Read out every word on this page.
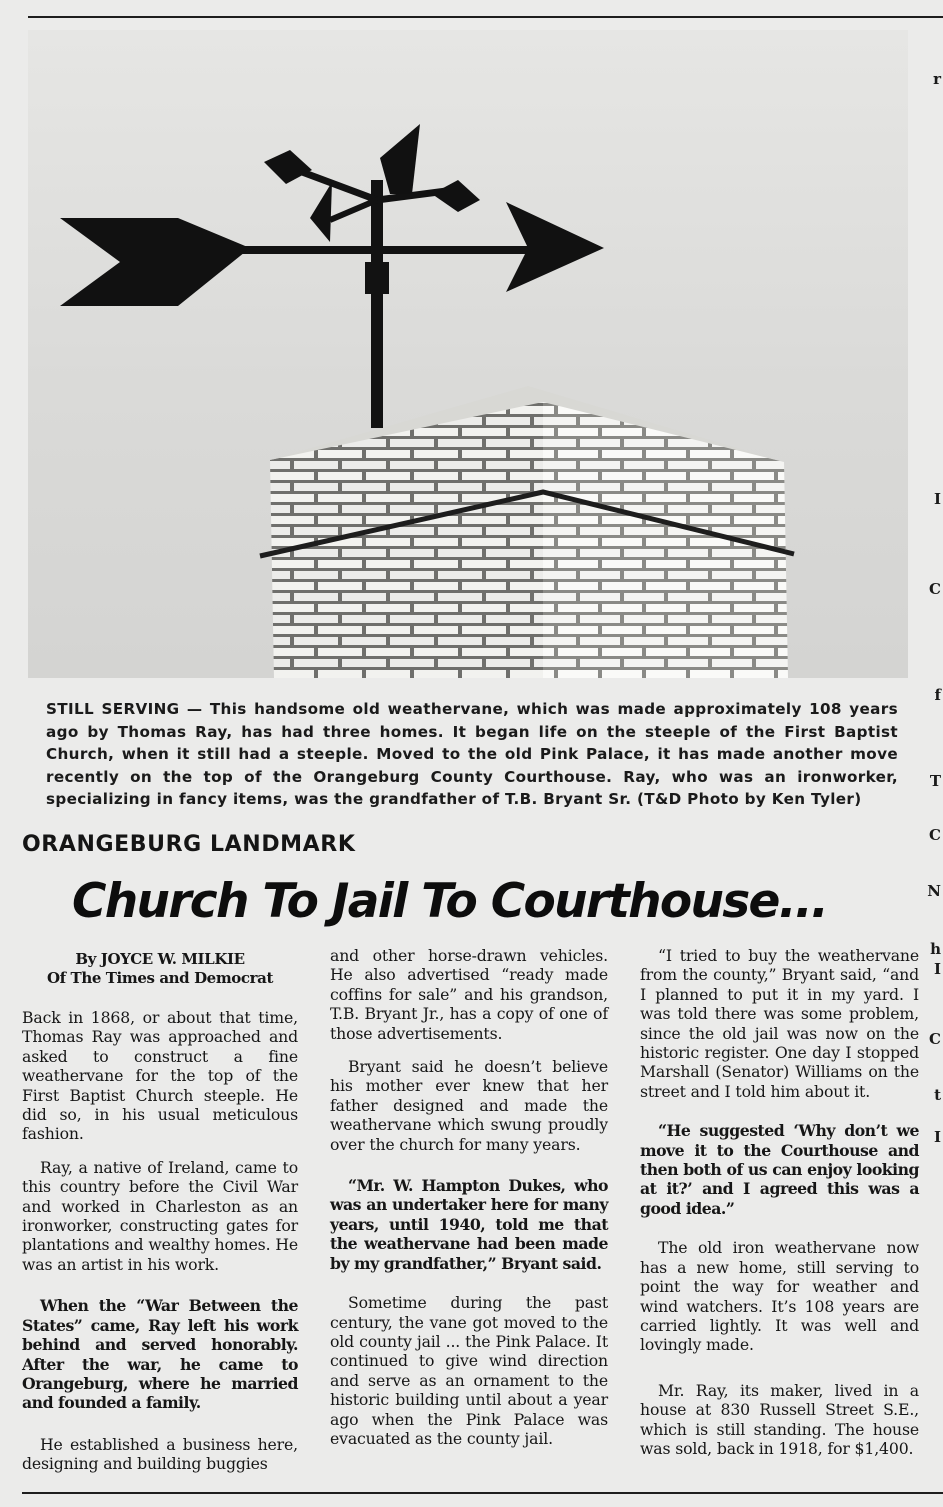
r
I
C
f
T
C
N
h
I
C
t
I
STILL SERVING — This handsome old weathervane, which was made approximately 108 years ago by Thomas Ray, has had three homes. It began life on the steeple of the First Baptist Church, when it still had a steeple. Moved to the old Pink Palace, it has made another move recently on the top of the Orangeburg County Courthouse. Ray, who was an ironworker, specializing in fancy items, was the grandfather of T.B. Bryant Sr. (T&D Photo by Ken Tyler)
ORANGEBURG LANDMARK
Church To Jail To Courthouse...
By JOYCE W. MILKIE
Of The Times and Democrat

Back in 1868, or about that time, Thomas Ray was approached and asked to construct a fine weathervane for the top of the First Baptist Church steeple. He did so, in his usual meticulous fashion.

Ray, a native of Ireland, came to this country before the Civil War and worked in Charleston as an ironworker, constructing gates for plantations and wealthy homes. He was an artist in his work.

When the “War Between the States” came, Ray left his work behind and served honorably. After the war, he came to Orangeburg, where he married and founded a family.

He established a business here, designing and building buggies

and other horse-drawn vehicles. He also advertised “ready made coffins for sale” and his grandson, T.B. Bryant Jr., has a copy of one of those advertisements.

Bryant said he doesn’t believe his mother ever knew that her father designed and made the weathervane which swung proudly over the church for many years.

“Mr. W. Hampton Dukes, who was an undertaker here for many years, until 1940, told me that the weathervane had been made by my grandfather,” Bryant said.

Sometime during the past century, the vane got moved to the old county jail ... the Pink Palace. It continued to give wind direction and serve as an ornament to the historic building until about a year ago when the Pink Palace was evacuated as the county jail.

“I tried to buy the weathervane from the county,” Bryant said, “and I planned to put it in my yard. I was told there was some problem, since the old jail was now on the historic register. One day I stopped Marshall (Senator) Williams on the street and I told him about it.

“He suggested ‘Why don’t we move it to the Courthouse and then both of us can enjoy looking at it?’ and I agreed this was a good idea.”

The old iron weathervane now has a new home, still serving to point the way for weather and wind watchers. It’s 108 years are carried lightly. It was well and lovingly made.

Mr. Ray, its maker, lived in a house at 830 Russell Street S.E., which is still standing. The house was sold, back in 1918, for $1,400.
